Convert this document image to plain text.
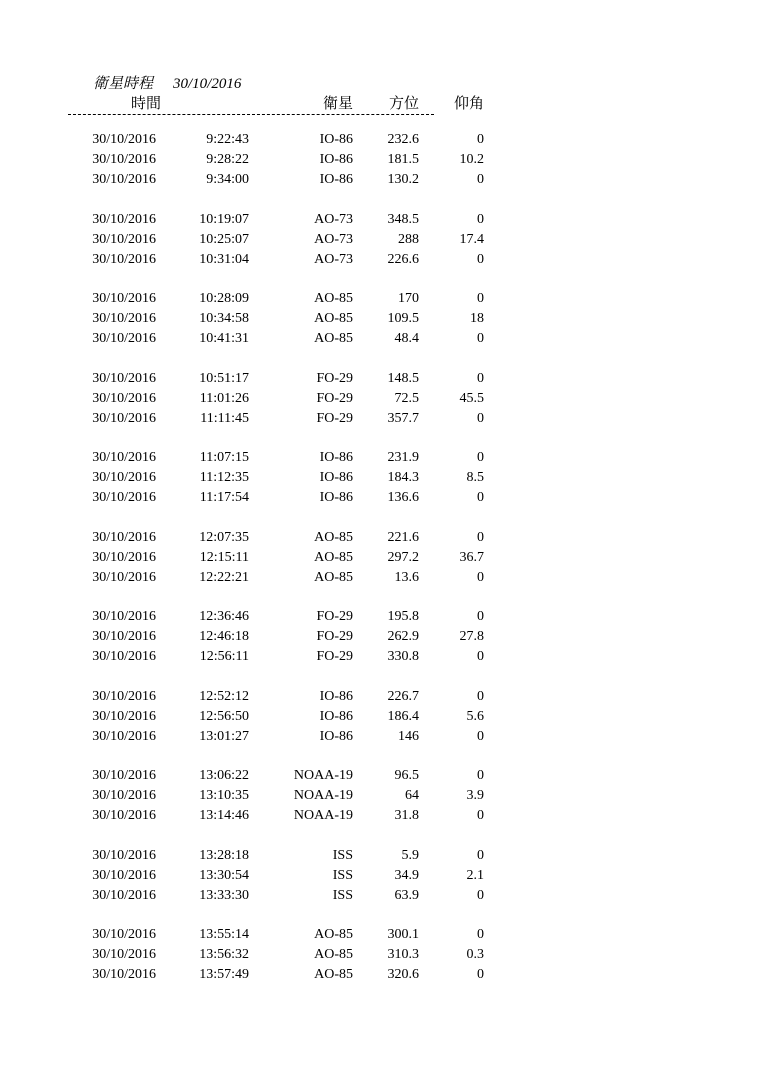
衛星時程 30/10/2016
時間	衛星 方位 仰角
30/10/2016	9:22:43	IO-86 232.6	0
30/10/2016	9:28:22	IO-86 181.5	10.2
30/10/2016	9:34:00	IO-86 130.2	0
30/10/2016	10:19:07	AO-73 348.5	0
30/10/2016	10:25:07	AO-73	288	17.4
30/10/2016	10:31:04	AO-73 226.6	0
30/10/2016	10:28:09	AO-85	170	0
30/10/2016	10:34:58	AO-85 109.5	18
30/10/2016	10:41:31	AO-85	48.4	0
30/10/2016	10:51:17	FO-29 148.5	0
30/10/2016	11:01:26	FO-29	72.5	45.5
30/10/2016	11:11:45	FO-29 357.7	0
30/10/2016	11:07:15	IO-86 231.9	0
30/10/2016	11:12:35	IO-86 184.3	8.5
30/10/2016	11:17:54	IO-86 136.6	0
30/10/2016	12:07:35	AO-85 221.6	0
30/10/2016	12:15:11	AO-85 297.2	36.7
30/10/2016	12:22:21	AO-85	13.6	0
30/10/2016	12:36:46	FO-29 195.8	0
30/10/2016	12:46:18	FO-29 262.9	27.8
30/10/2016	12:56:11	FO-29 330.8	0
30/10/2016	12:52:12	IO-86 226.7	0
30/10/2016	12:56:50	IO-86 186.4	5.6
30/10/2016	13:01:27	IO-86	146	0
30/10/2016	13:06:22	NOAA-19	96.5	0
30/10/2016	13:10:35	NOAA-19	64	3.9
30/10/2016	13:14:46	NOAA-19	31.8	0
30/10/2016	13:28:18	ISS	5.9	0
30/10/2016	13:30:54	ISS	34.9	2.1
30/10/2016	13:33:30	ISS	63.9	0
30/10/2016	13:55:14	AO-85 300.1	0
30/10/2016	13:56:32	AO-85 310.3	0.3
30/10/2016	13:57:49	AO-85 320.6	0
